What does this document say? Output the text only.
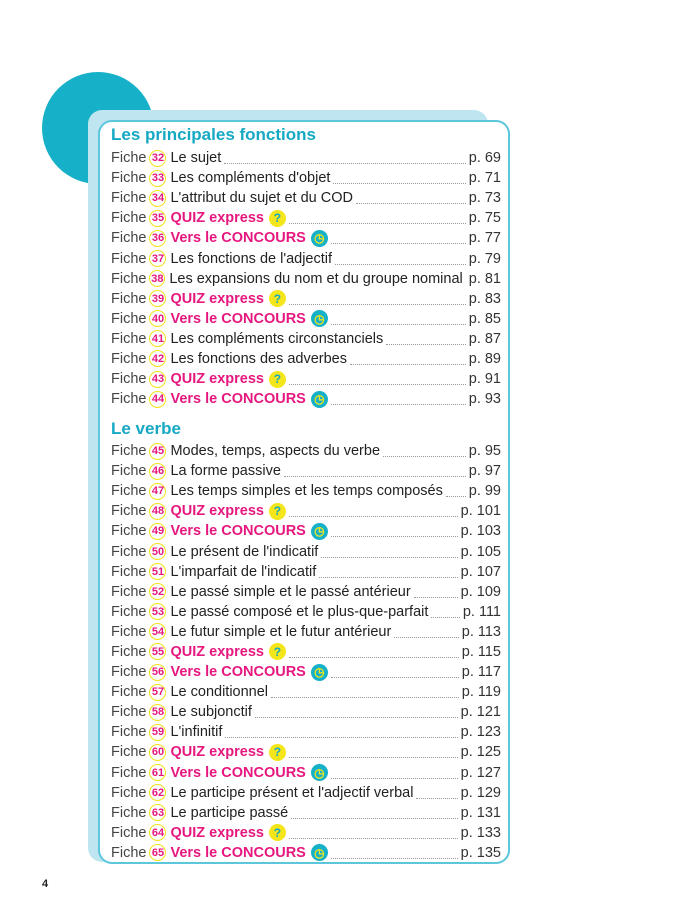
Les principales fonctions
Fiche 32 Le sujet	p. 69
Fiche 33 Les compléments d'objet	p. 71
Fiche 34 L'attribut du sujet et du COD	p. 73
Fiche 35 QUIZ express ?	p. 75
Fiche 36 Vers le CONCOURS ◷	p. 77
Fiche 37 Les fonctions de l'adjectif	p. 79
Fiche 38 Les expansions du nom et du groupe nominal p. 81
Fiche 39 QUIZ express ?	p. 83
Fiche 40 Vers le CONCOURS ◷	p. 85
Fiche 41 Les compléments circonstanciels	p. 87
Fiche 42 Les fonctions des adverbes	p. 89
Fiche 43 QUIZ express ?	p. 91
Fiche 44 Vers le CONCOURS ◷	p. 93
Le verbe
Fiche 45 Modes, temps, aspects du verbe	p. 95
Fiche 46 La forme passive	p. 97
Fiche 47 Les temps simples et les temps composés p. 99
Fiche 48 QUIZ express ?	p. 101
Fiche 49 Vers le CONCOURS ◷	p. 103
Fiche 50 Le présent de l'indicatif	p. 105
Fiche 51 L'imparfait de l'indicatif	p. 107
Fiche 52 Le passé simple et le passé antérieur	p. 109
Fiche 53 Le passé composé et le plus-que-parfait p. 111
Fiche 54 Le futur simple et le futur antérieur	p. 113
Fiche 55 QUIZ express ?	p. 115
Fiche 56 Vers le CONCOURS ◷	p. 117
Fiche 57 Le conditionnel	p. 119
Fiche 58 Le subjonctif	p. 121
Fiche 59 L'infinitif	p. 123
Fiche 60 QUIZ express ?	p. 125
Fiche 61 Vers le CONCOURS ◷	p. 127
Fiche 62 Le participe présent et l'adjectif verbal	p. 129
Fiche 63 Le participe passé	p. 131
Fiche 64 QUIZ express ?	p. 133
Fiche 65 Vers le CONCOURS ◷	p. 135
4
